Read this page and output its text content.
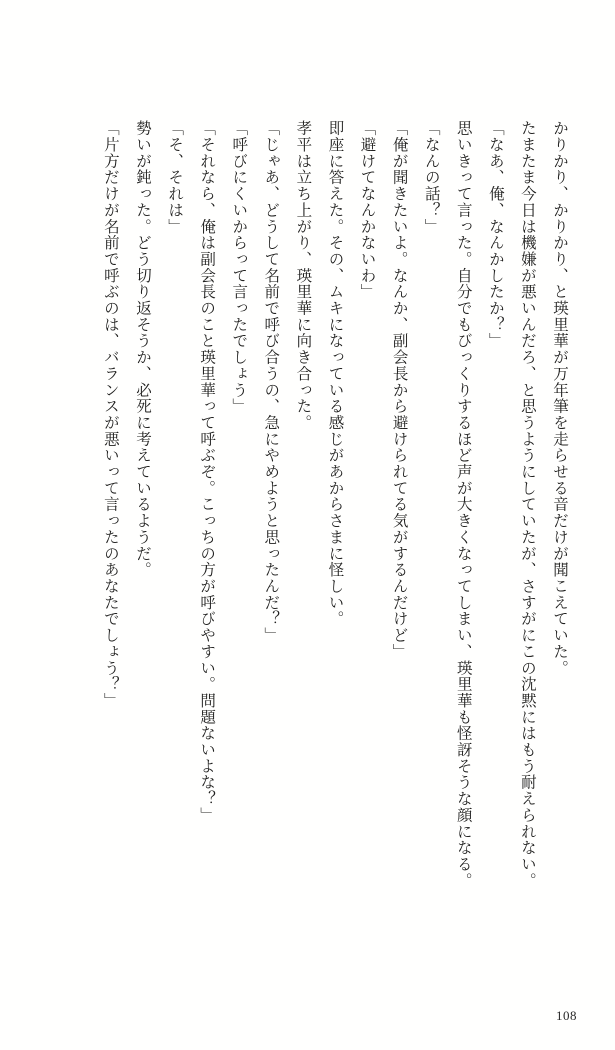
かりかり、かりかり、と瑛里華が万年筆を走らせる音だけが聞こえていた。

たまたま今日は機嫌が悪いんだろ、と思うようにしていたが、さすがにこの沈黙にはもう耐えられない。

「なあ、俺、なんかしたか？」

思いきって言った。自分でもびっくりするほど声が大きくなってしまい、瑛里華も怪訝そうな顔になる。

「なんの話？」

「俺が聞きたいよ。なんか、副会長から避けられてる気がするんだけど」

「避けてなんかないわ」

即座に答えた。その、ムキになっている感じがあからさまに怪しい。

孝平は立ち上がり、瑛里華に向き合った。

「じゃあ、どうして名前で呼び合うの、急にやめようと思ったんだ？」

「呼びにくいからって言ったでしょう」

「それなら、俺は副会長のこと瑛里華って呼ぶぞ。こっちの方が呼びやすい。問題ないよな？」

「そ、それは」

勢いが鈍った。どう切り返そうか、必死に考えているようだ。

「片方だけが名前で呼ぶのは、バランスが悪いって言ったのあなたでしょう？」

108
